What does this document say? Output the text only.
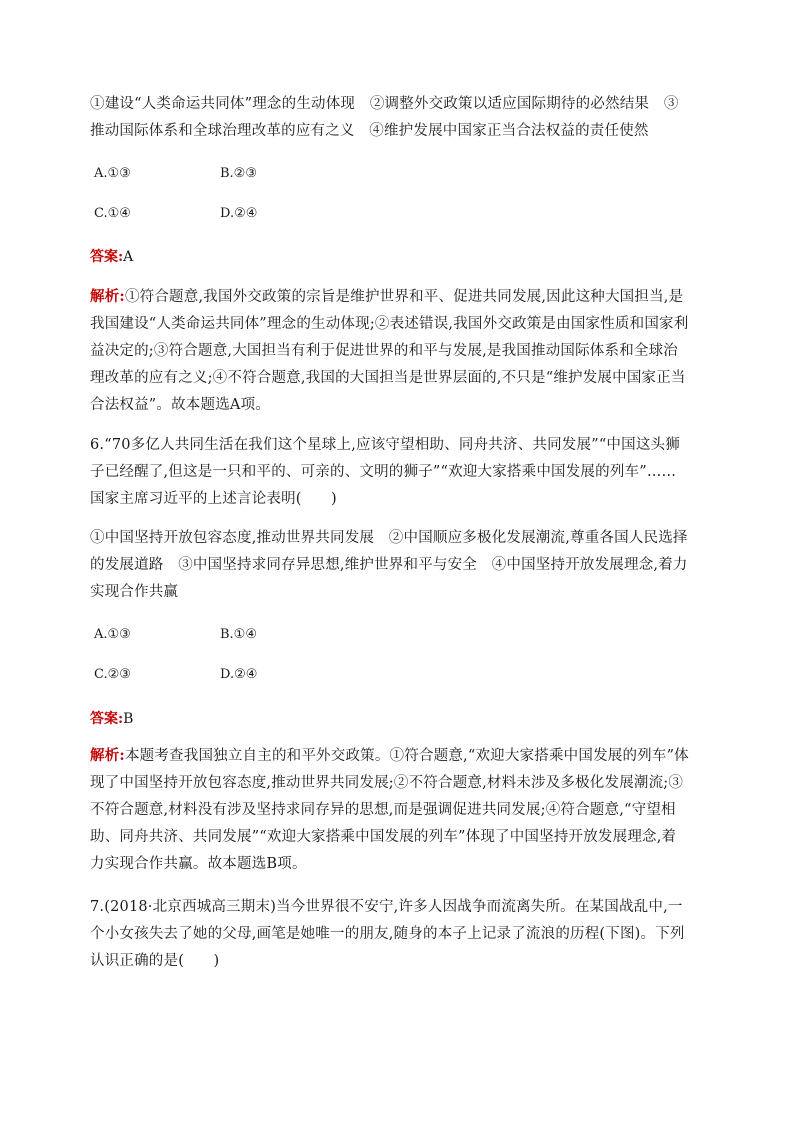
①建设“人类命运共同体”理念的生动体现　②调整外交政策以适应国际期待的必然结果　③推动国际体系和全球治理改革的应有之义　④维护发展中国家正当合法权益的责任使然
A.①③	B.②③
C.①④	D.②④
答案:A
解析:①符合题意,我国外交政策的宗旨是维护世界和平、促进共同发展,因此这种大国担当,是我国建设“人类命运共同体”理念的生动体现;②表述错误,我国外交政策是由国家性质和国家利益决定的;③符合题意,大国担当有利于促进世界的和平与发展,是我国推动国际体系和全球治理改革的应有之义;④不符合题意,我国的大国担当是世界层面的,不只是“维护发展中国家正当合法权益”。故本题选A项。
6.“70多亿人共同生活在我们这个星球上,应该守望相助、同舟共济、共同发展”“中国这头狮子已经醒了,但这是一只和平的、可亲的、文明的狮子”“欢迎大家搭乘中国发展的列车”……国家主席习近平的上述言论表明(　　)
①中国坚持开放包容态度,推动世界共同发展　②中国顺应多极化发展潮流,尊重各国人民选择的发展道路　③中国坚持求同存异思想,维护世界和平与安全　④中国坚持开放发展理念,着力实现合作共赢
A.①③	B.①④
C.②③	D.②④
答案:B
解析:本题考查我国独立自主的和平外交政策。①符合题意,“欢迎大家搭乘中国发展的列车”体现了中国坚持开放包容态度,推动世界共同发展;②不符合题意,材料未涉及多极化发展潮流;③不符合题意,材料没有涉及坚持求同存异的思想,而是强调促进共同发展;④符合题意,“守望相助、同舟共济、共同发展”“欢迎大家搭乘中国发展的列车”体现了中国坚持开放发展理念,着力实现合作共赢。故本题选B项。
7.(2018·北京西城高三期末)当今世界很不安宁,许多人因战争而流离失所。在某国战乱中,一个小女孩失去了她的父母,画笔是她唯一的朋友,随身的本子上记录了流浪的历程(下图)。下列认识正确的是(　　)
